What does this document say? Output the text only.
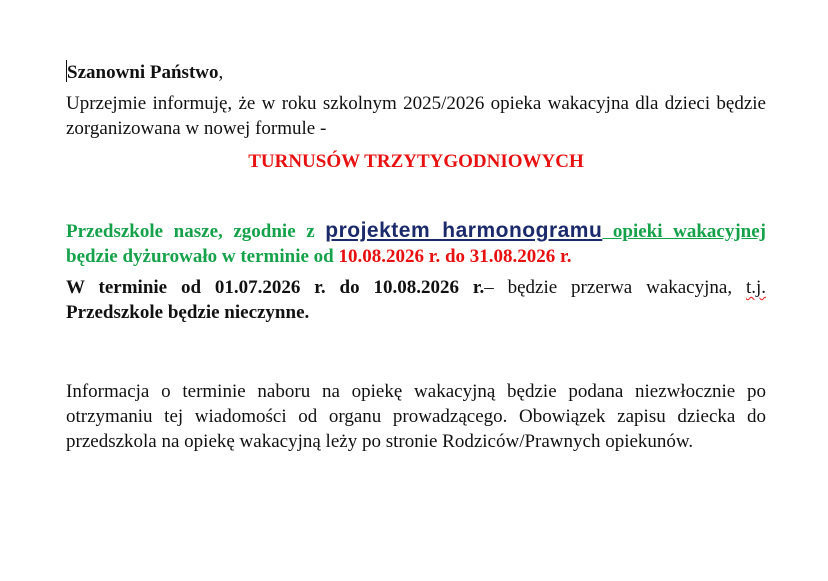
Szanowni Państwo,

Uprzejmie informuję, że w roku szkolnym 2025/2026 opieka wakacyjna dla dzieci będzie zorganizowana w nowej formule -

TURNUSÓW TRZYTYGODNIOWYCH

Przedszkole nasze, zgodnie z projektem harmonogramu opieki wakacyjnej będzie dyżurowało w terminie od 10.08.2026 r. do 31.08.2026 r.

W terminie od 01.07.2026 r. do 10.08.2026 r.– będzie przerwa wakacyjna, t.j. Przedszkole będzie nieczynne.

Informacja o terminie naboru na opiekę wakacyjną będzie podana niezwłocznie po otrzymaniu tej wiadomości od organu prowadzącego. Obowiązek zapisu dziecka do przedszkola na opiekę wakacyjną leży po stronie Rodziców/Prawnych opiekunów.
